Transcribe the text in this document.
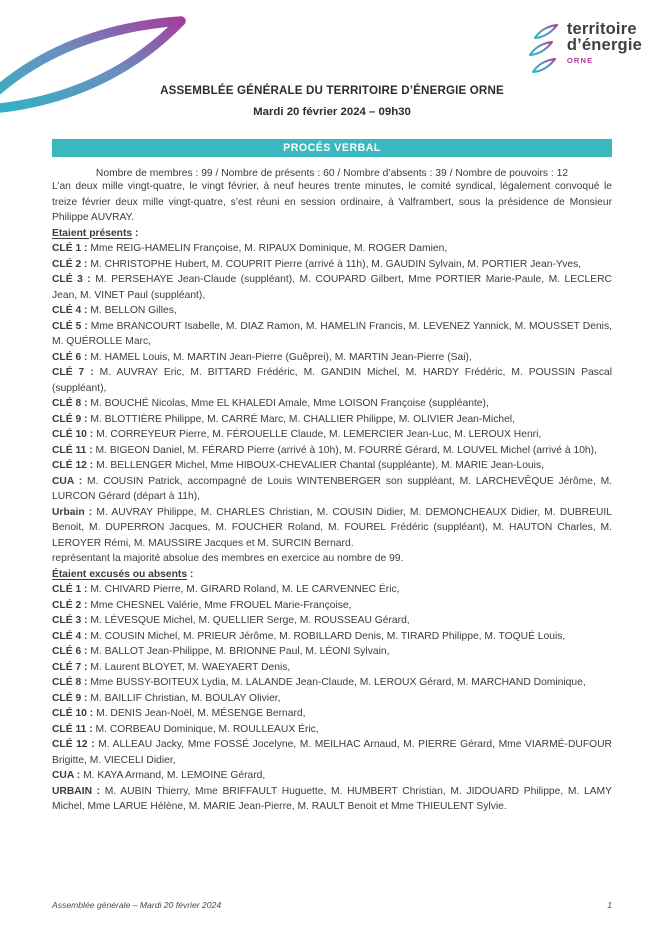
territoire
d’énergie
ORNE

ASSEMBLÉE GÉNÉRALE DU TERRITOIRE D’ÉNERGIE ORNE

Mardi 20 février 2024 – 09h30

PROCÉS VERBAL

Nombre de membres : 99 / Nombre de présents : 60 / Nombre d’absents : 39 / Nombre de pouvoirs : 12

L’an deux mille vingt-quatre, le vingt février, à neuf heures trente minutes, le comité syndical, légalement convoqué le treize février deux mille vingt-quatre, s’est réuni en session ordinaire, à Valframbert, sous la présidence de Monsieur Philippe AUVRAY.

Etaient présents :

CLÉ 1 : Mme REIG-HAMELIN Françoise, M. RIPAUX Dominique, M. ROGER Damien,

CLÉ 2 : M. CHRISTOPHE Hubert, M. COUPRIT Pierre (arrivé à 11h), M. GAUDIN Sylvain, M. PORTIER Jean-Yves,

CLÉ 3 : M. PERSEHAYE Jean-Claude (suppléant), M. COUPARD Gilbert, Mme PORTIER Marie-Paule, M. LECLERC Jean, M. VINET Paul (suppléant),

CLÉ 4 : M. BELLON Gilles,

CLÉ 5 : Mme BRANCOURT Isabelle, M. DIAZ Ramon, M. HAMELIN Francis, M. LEVENEZ Yannick, M. MOUSSET Denis, M. QUÉROLLE Marc,

CLÉ 6 : M. HAMEL Louis, M. MARTIN Jean-Pierre (Guêprei), M. MARTIN Jean-Pierre (Sai),

CLÉ 7 : M. AUVRAY Eric, M. BITTARD Frédéric, M. GANDIN Michel, M. HARDY Frédéric, M. POUSSIN Pascal (suppléant),

CLÉ 8 : M. BOUCHÉ Nicolas, Mme EL KHALEDI Amale, Mme LOISON Françoise (suppléante),

CLÉ 9 : M. BLOTTIÈRE Philippe, M. CARRÉ Marc, M. CHALLIER Philippe, M. OLIVIER Jean-Michel,

CLÉ 10 : M. CORREYEUR Pierre, M. FÉROUELLE Claude, M. LEMERCIER Jean-Luc, M. LEROUX Henri,

CLÉ 11 : M. BIGEON Daniel, M. FÉRARD Pierre (arrivé à 10h), M. FOURRÉ Gérard, M. LOUVEL Michel (arrivé à 10h),

CLÉ 12 : M. BELLENGER Michel, Mme HIBOUX-CHEVALIER Chantal (suppléante), M. MARIE Jean-Louis,

CUA : M. COUSIN Patrick, accompagné de Louis WINTENBERGER son suppléant, M. LARCHEVÊQUE Jérôme, M. LURCON Gérard (départ à 11h),

Urbain : M. AUVRAY Philippe, M. CHARLES Christian, M. COUSIN Didier, M. DEMONCHEAUX Didier, M. DUBREUIL Benoit, M. DUPERRON Jacques, M. FOUCHER Roland, M. FOUREL Frédéric (suppléant), M. HAUTON Charles, M. LEROYER Rémi, M. MAUSSIRE Jacques et M. SURCIN Bernard.

représentant la majorité absolue des membres en exercice au nombre de 99.

Étaient excusés ou absents :

CLÉ 1 : M. CHIVARD Pierre, M. GIRARD Roland, M. LE CARVENNEC Éric,

CLÉ 2 : Mme CHESNEL Valérie, Mme FROUEL Marie-Françoise,

CLÉ 3 : M. LÉVESQUE Michel, M. QUELLIER Serge, M. ROUSSEAU Gérard,

CLÉ 4 : M. COUSIN Michel, M. PRIEUR Jérôme, M. ROBILLARD Denis, M. TIRARD Philippe, M. TOQUÉ Louis,

CLÉ 6 : M. BALLOT Jean-Philippe, M. BRIONNE Paul, M. LÉONI Sylvain,

CLÉ 7 : M. Laurent BLOYET, M. WAEYAERT Denis,

CLÉ 8 : Mme BUSSY-BOITEUX Lydia, M. LALANDE Jean-Claude, M. LEROUX Gérard, M. MARCHAND Dominique,

CLÉ 9 : M. BAILLIF Christian, M. BOULAY Olivier,

CLÉ 10 : M. DENIS Jean-Noël, M. MÉSENGE Bernard,

CLÉ 11 : M. CORBEAU Dominique, M. ROULLEAUX Éric,

CLÉ 12 : M. ALLEAU Jacky, Mme FOSSÉ Jocelyne, M. MEILHAC Arnaud, M. PIERRE Gérard, Mme VIARMÉ-DUFOUR Brigitte, M. VIECELI Didier,

CUA : M. KAYA Armand, M. LEMOINE Gérard,

URBAIN : M. AUBIN Thierry, Mme BRIFFAULT Huguette, M. HUMBERT Christian, M. JIDOUARD Philippe, M. LAMY Michel, Mme LARUE Hélène, M. MARIE Jean-Pierre, M. RAULT Benoit et Mme THIEULENT Sylvie.

Assemblée générale – Mardi 20 février 2024	1
